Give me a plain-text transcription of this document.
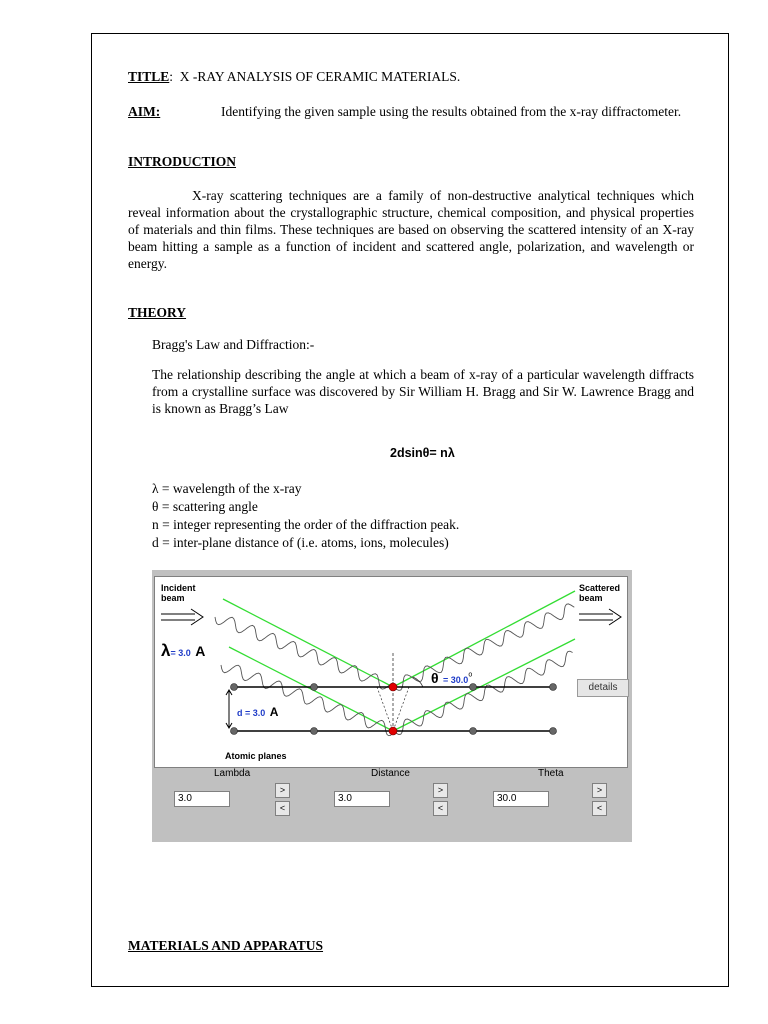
TITLE: X -RAY ANALYSIS OF CERAMIC MATERIALS.
AIM:	Identifying the given sample using the results obtained from the x-ray diffractometer.
INTRODUCTION
X-ray scattering techniques are a family of non-destructive analytical techniques which reveal information about the crystallographic structure, chemical composition, and physical properties of materials and thin films. These techniques are based on observing the scattered intensity of an X-ray beam hitting a sample as a function of incident and scattered angle, polarization, and wavelength or energy.
THEORY
Bragg's Law and Diffraction:-
The relationship describing the angle at which a beam of x-ray of a particular wavelength diffracts from a crystalline surface was discovered by Sir William H. Bragg and Sir W. Lawrence Bragg and is known as Bragg’s Law
2dsinθ= nλ
λ = wavelength of the x-ray
θ = scattering angle
n = integer representing the order of the diffraction peak.
d = inter-plane distance of (i.e. atoms, ions, molecules)
Incident
beam
Scattered
beam
λ= 3.0 A
$\theta = 30.0^o$
d = 3.0 A
Atomic planes
details
Lambda
3.0
>
<
Distance
3.0
>
<
Theta
30.0
>
<
MATERIALS AND APPARATUS
